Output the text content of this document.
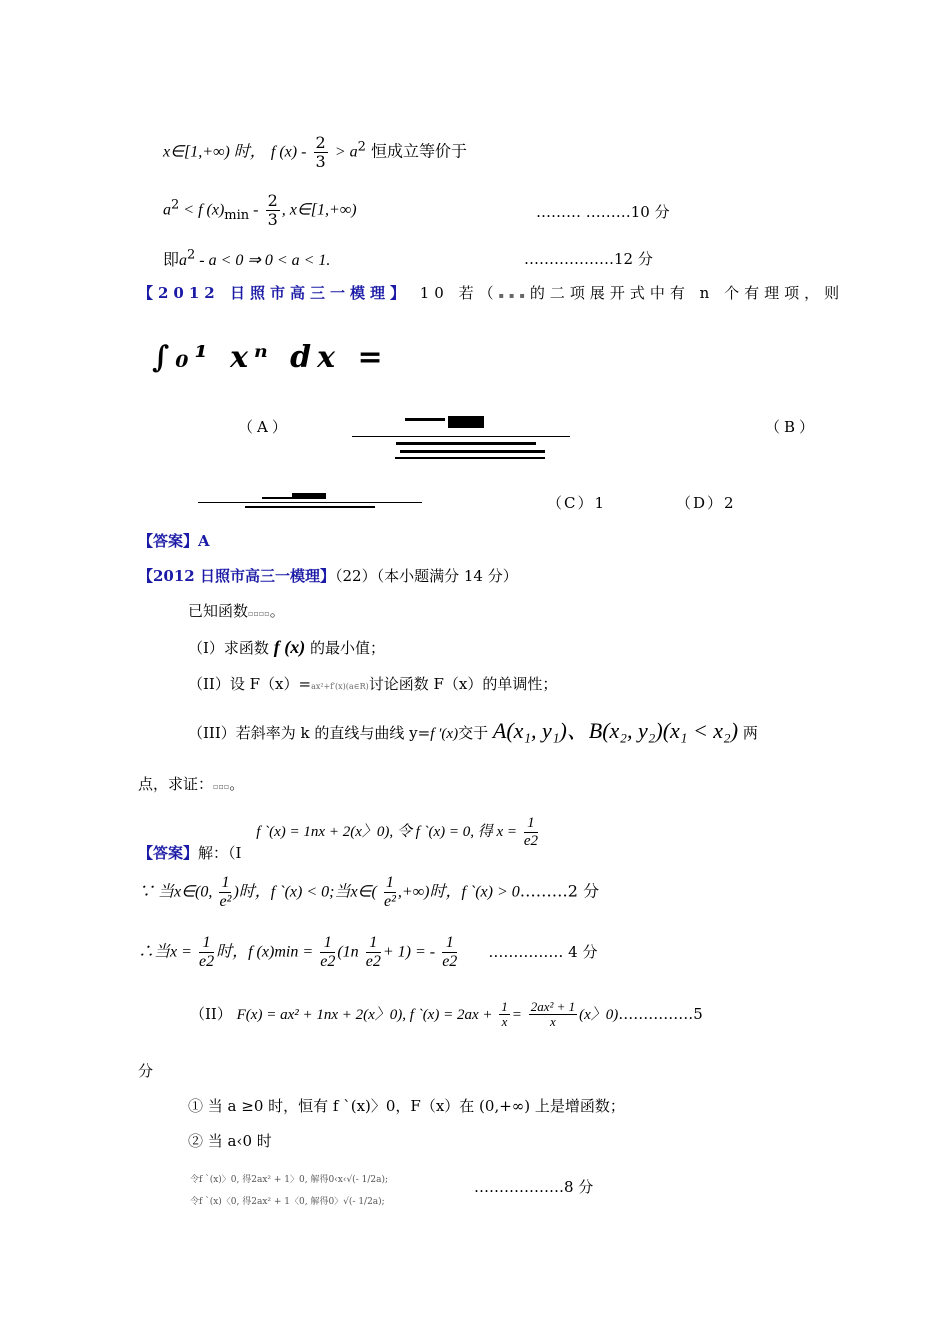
x∈[1,+∞) 时， f $(x) - \frac{2}{3} > a^2$ 恒成立等价于
$a^2 < f$ $(x)_{min} - \frac{2}{3}$ , x∈[1,+∞)	……… ………10 分
即$a^2 - a < 0$ ⇒ 0 < a < 1.	………………12 分
【2012 日照市高三一模理】 10 若（▪▪▪的二项展开式中有 n 个有理项，则
∫₀¹ xⁿ dx =
（A）	（B）
（C）1	（D）2
【答案】A
【2012 日照市高三一模理】（22）（本小题满分 14 分）
已知函数▫▫▫▫。
（I）求函数 f (x) 的最小值；
（II）设 F（x）=ax²+f′(x)(a∈R)讨论函数 F（x）的单调性；
（III）若斜率为 k 的直线与曲线 y=f ′(x)交于 A(x₁, y₁)、B(x₂, y₂)(x₁ < x₂) 两
点，求证：▫▫▫。
【答案】解：（I f `(x) = 1nx + 2(x〉0), 令 f `(x) = 0, 得 $x = \frac{1}{e2}$
∵ 当x∈(0, $\frac{1}{\text{e²}}$ )时，f `(x) < 0;当x∈( $\frac{1}{\text{e²}}$ ,+∞)时，f `(x) > 0………2 分
∴当$x = \frac{1}{e2}$ 时，f $(x)\min = \frac{1}{e2} (1n \frac{1}{e2} + 1)$ = - $\frac{1}{e2}$ …………… 4 分
（II） F(x) = ax² + 1nx + 2(x〉0), f `(x) = $2ax + \frac{1}{x} = \frac{\text{2ax² + 1}}{x} (x$〉0)……………5
分
① 当 a ≥0 时，恒有 f `(x)〉0，F（x）在 (0,+∞) 上是增函数；
② 当 a‹0 时
令f `(x)〉0, 得2ax² + 1〉0, 解得0‹x‹√(- 1/2a);
令f `(x)〈0, 得2ax² + 1〈0, 解得0〉√(- 1/2a);
………………8 分
